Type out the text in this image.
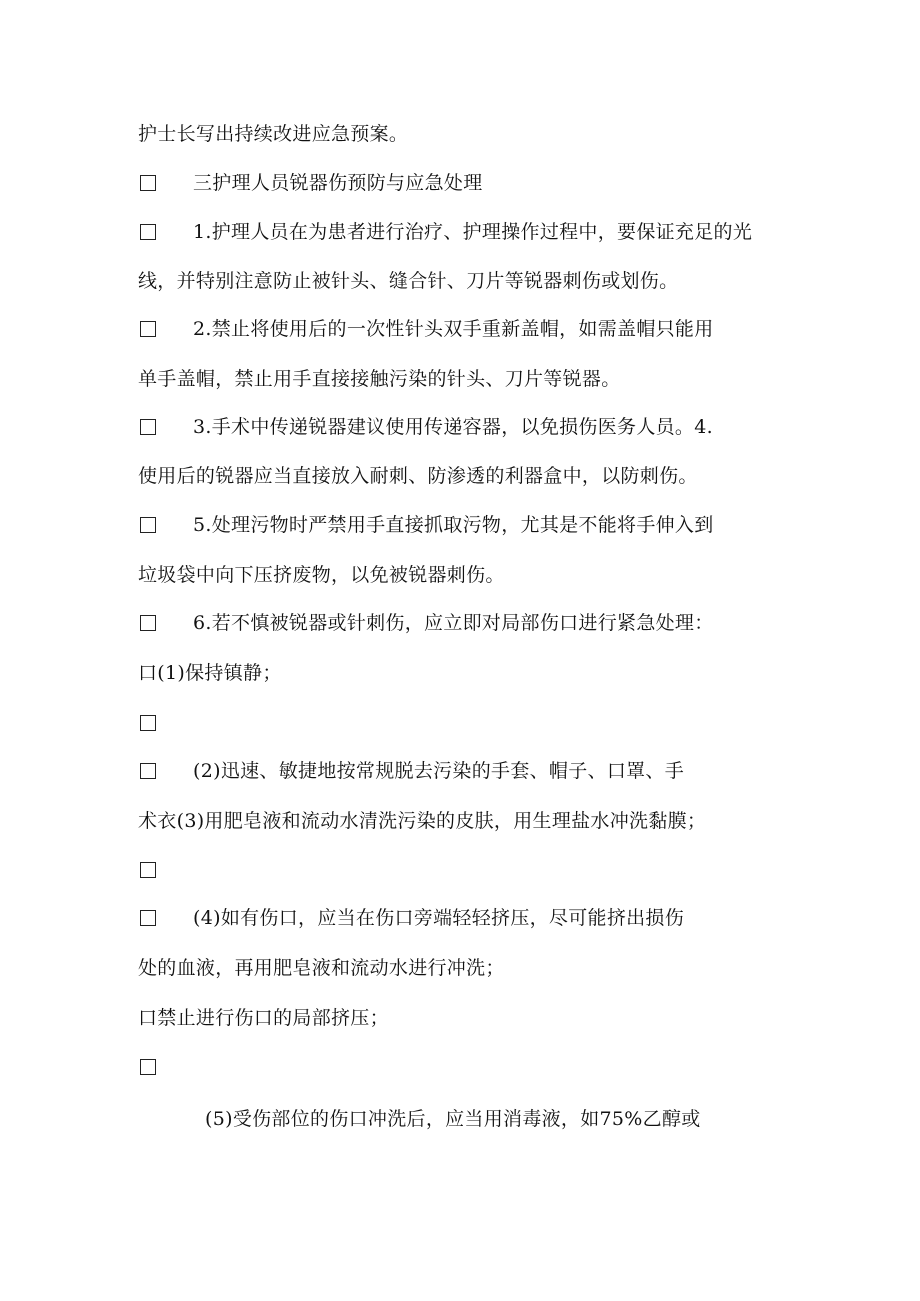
护士长写出持续改进应急预案。
三护理人员锐器伤预防与应急处理
1.护理人员在为患者进行治疗、护理操作过程中，要保证充足的光
线，并特别注意防止被针头、缝合针、刀片等锐器刺伤或划伤。
2.禁止将使用后的一次性针头双手重新盖帽，如需盖帽只能用
单手盖帽，禁止用手直接接触污染的针头、刀片等锐器。
3.手术中传递锐器建议使用传递容器，以免损伤医务人员。4.
使用后的锐器应当直接放入耐刺、防渗透的利器盒中，以防刺伤。
5.处理污物时严禁用手直接抓取污物，尤其是不能将手伸入到
垃圾袋中向下压挤废物，以免被锐器刺伤。
6.若不慎被锐器或针刺伤，应立即对局部伤口进行紧急处理：
口(1)保持镇静；
(2)迅速、敏捷地按常规脱去污染的手套、帽子、口罩、手
术衣(3)用肥皂液和流动水清洗污染的皮肤，用生理盐水冲洗黏膜；
(4)如有伤口，应当在伤口旁端轻轻挤压，尽可能挤出损伤
处的血液，再用肥皂液和流动水进行冲洗；
口禁止进行伤口的局部挤压；
(5)受伤部位的伤口冲洗后，应当用消毒液，如75%乙醇或
